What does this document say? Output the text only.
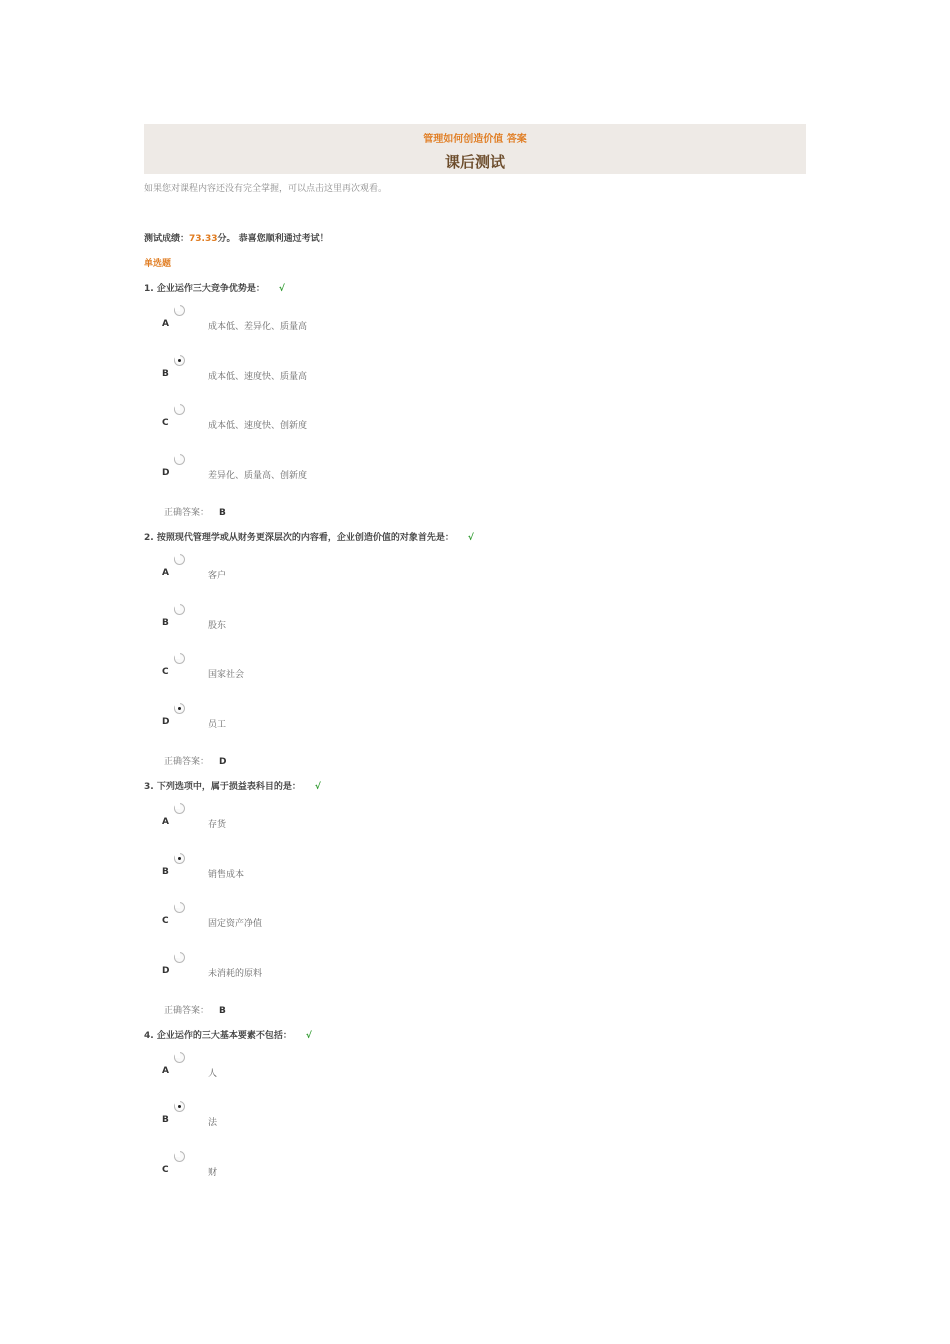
管理如何创造价值 答案
课后测试
如果您对课程内容还没有完全掌握，可以点击这里再次观看。
测试成绩：73.33分。 恭喜您顺利通过考试！
单选题
1. 企业运作三大竞争优势是： √
A	成本低、差异化、质量高
B	成本低、速度快、质量高
C	成本低、速度快、创新度
D	差异化、质量高、创新度
正确答案： B
2. 按照现代管理学或从财务更深层次的内容看，企业创造价值的对象首先是： √
A	客户
B	股东
C	国家社会
D	员工
正确答案： D
3. 下列选项中，属于损益表科目的是： √
A	存货
B	销售成本
C	固定资产净值
D	未消耗的原料
正确答案： B
4. 企业运作的三大基本要素不包括： √
A	人
B	法
C	财
